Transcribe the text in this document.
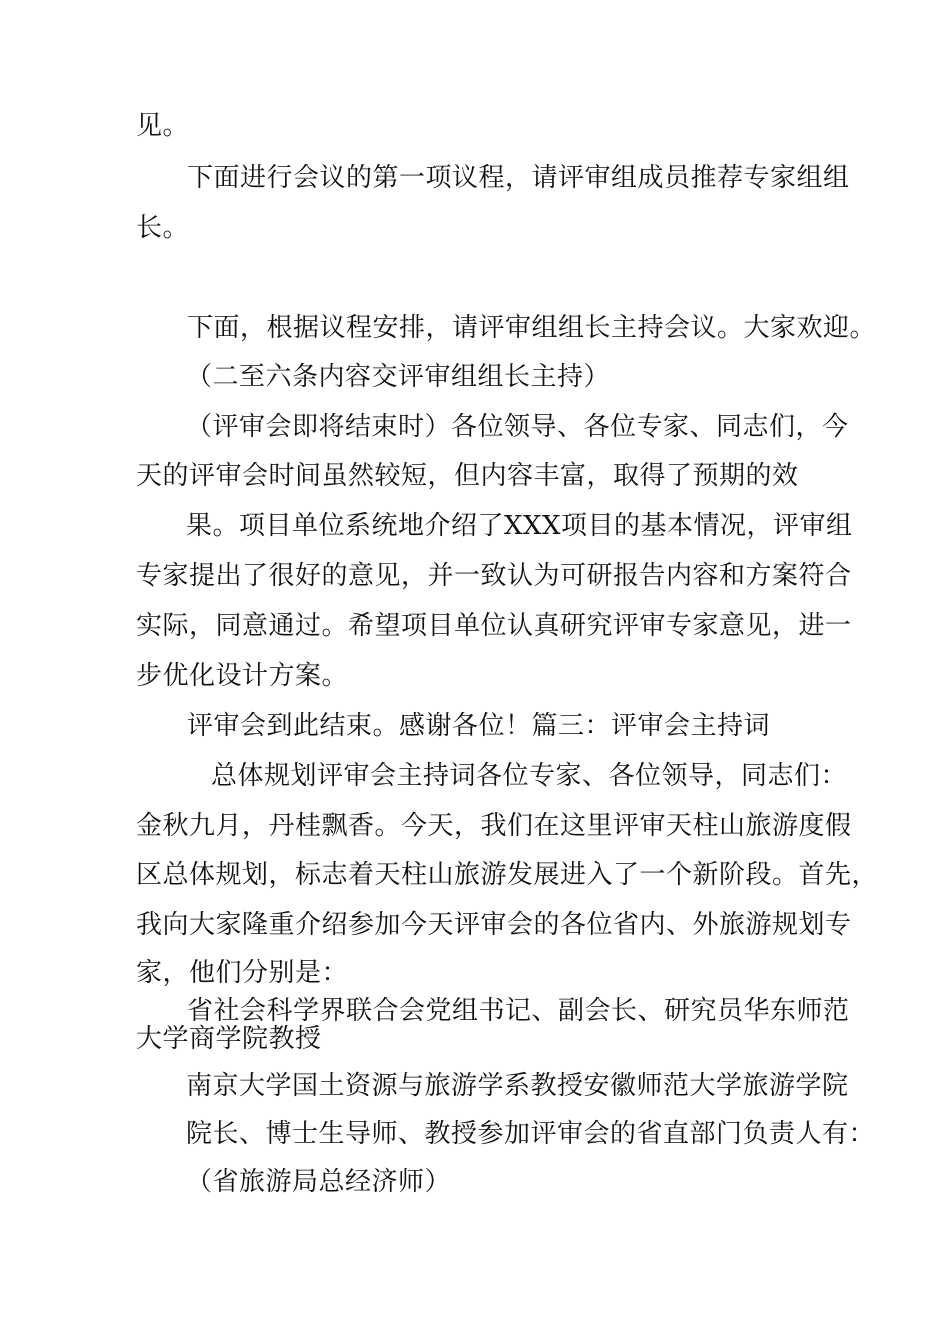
见。

下面进行会议的第一项议程，请评审组成员推荐专家组组

长。

下面，根据议程安排，请评审组组长主持会议。大家欢迎。

（二至六条内容交评审组组长主持）

（评审会即将结束时）各位领导、各位专家、同志们，今

天的评审会时间虽然较短，但内容丰富，取得了预期的效

果。项目单位系统地介绍了XXX项目的基本情况，评审组

专家提出了很好的意见，并一致认为可研报告内容和方案符合

实际，同意通过。希望项目单位认真研究评审专家意见，进一

步优化设计方案。

评审会到此结束。感谢各位！篇三：评审会主持词

总体规划评审会主持词各位专家、各位领导，同志们：

金秋九月，丹桂飘香。今天，我们在这里评审天柱山旅游度假

区总体规划，标志着天柱山旅游发展进入了一个新阶段。首先，

我向大家隆重介绍参加今天评审会的各位省内、外旅游规划专

家，他们分别是：

省社会科学界联合会党组书记、副会长、研究员华东师范

大学商学院教授

南京大学国土资源与旅游学系教授安徽师范大学旅游学院

院长、博士生导师、教授参加评审会的省直部门负责人有：

（省旅游局总经济师）
